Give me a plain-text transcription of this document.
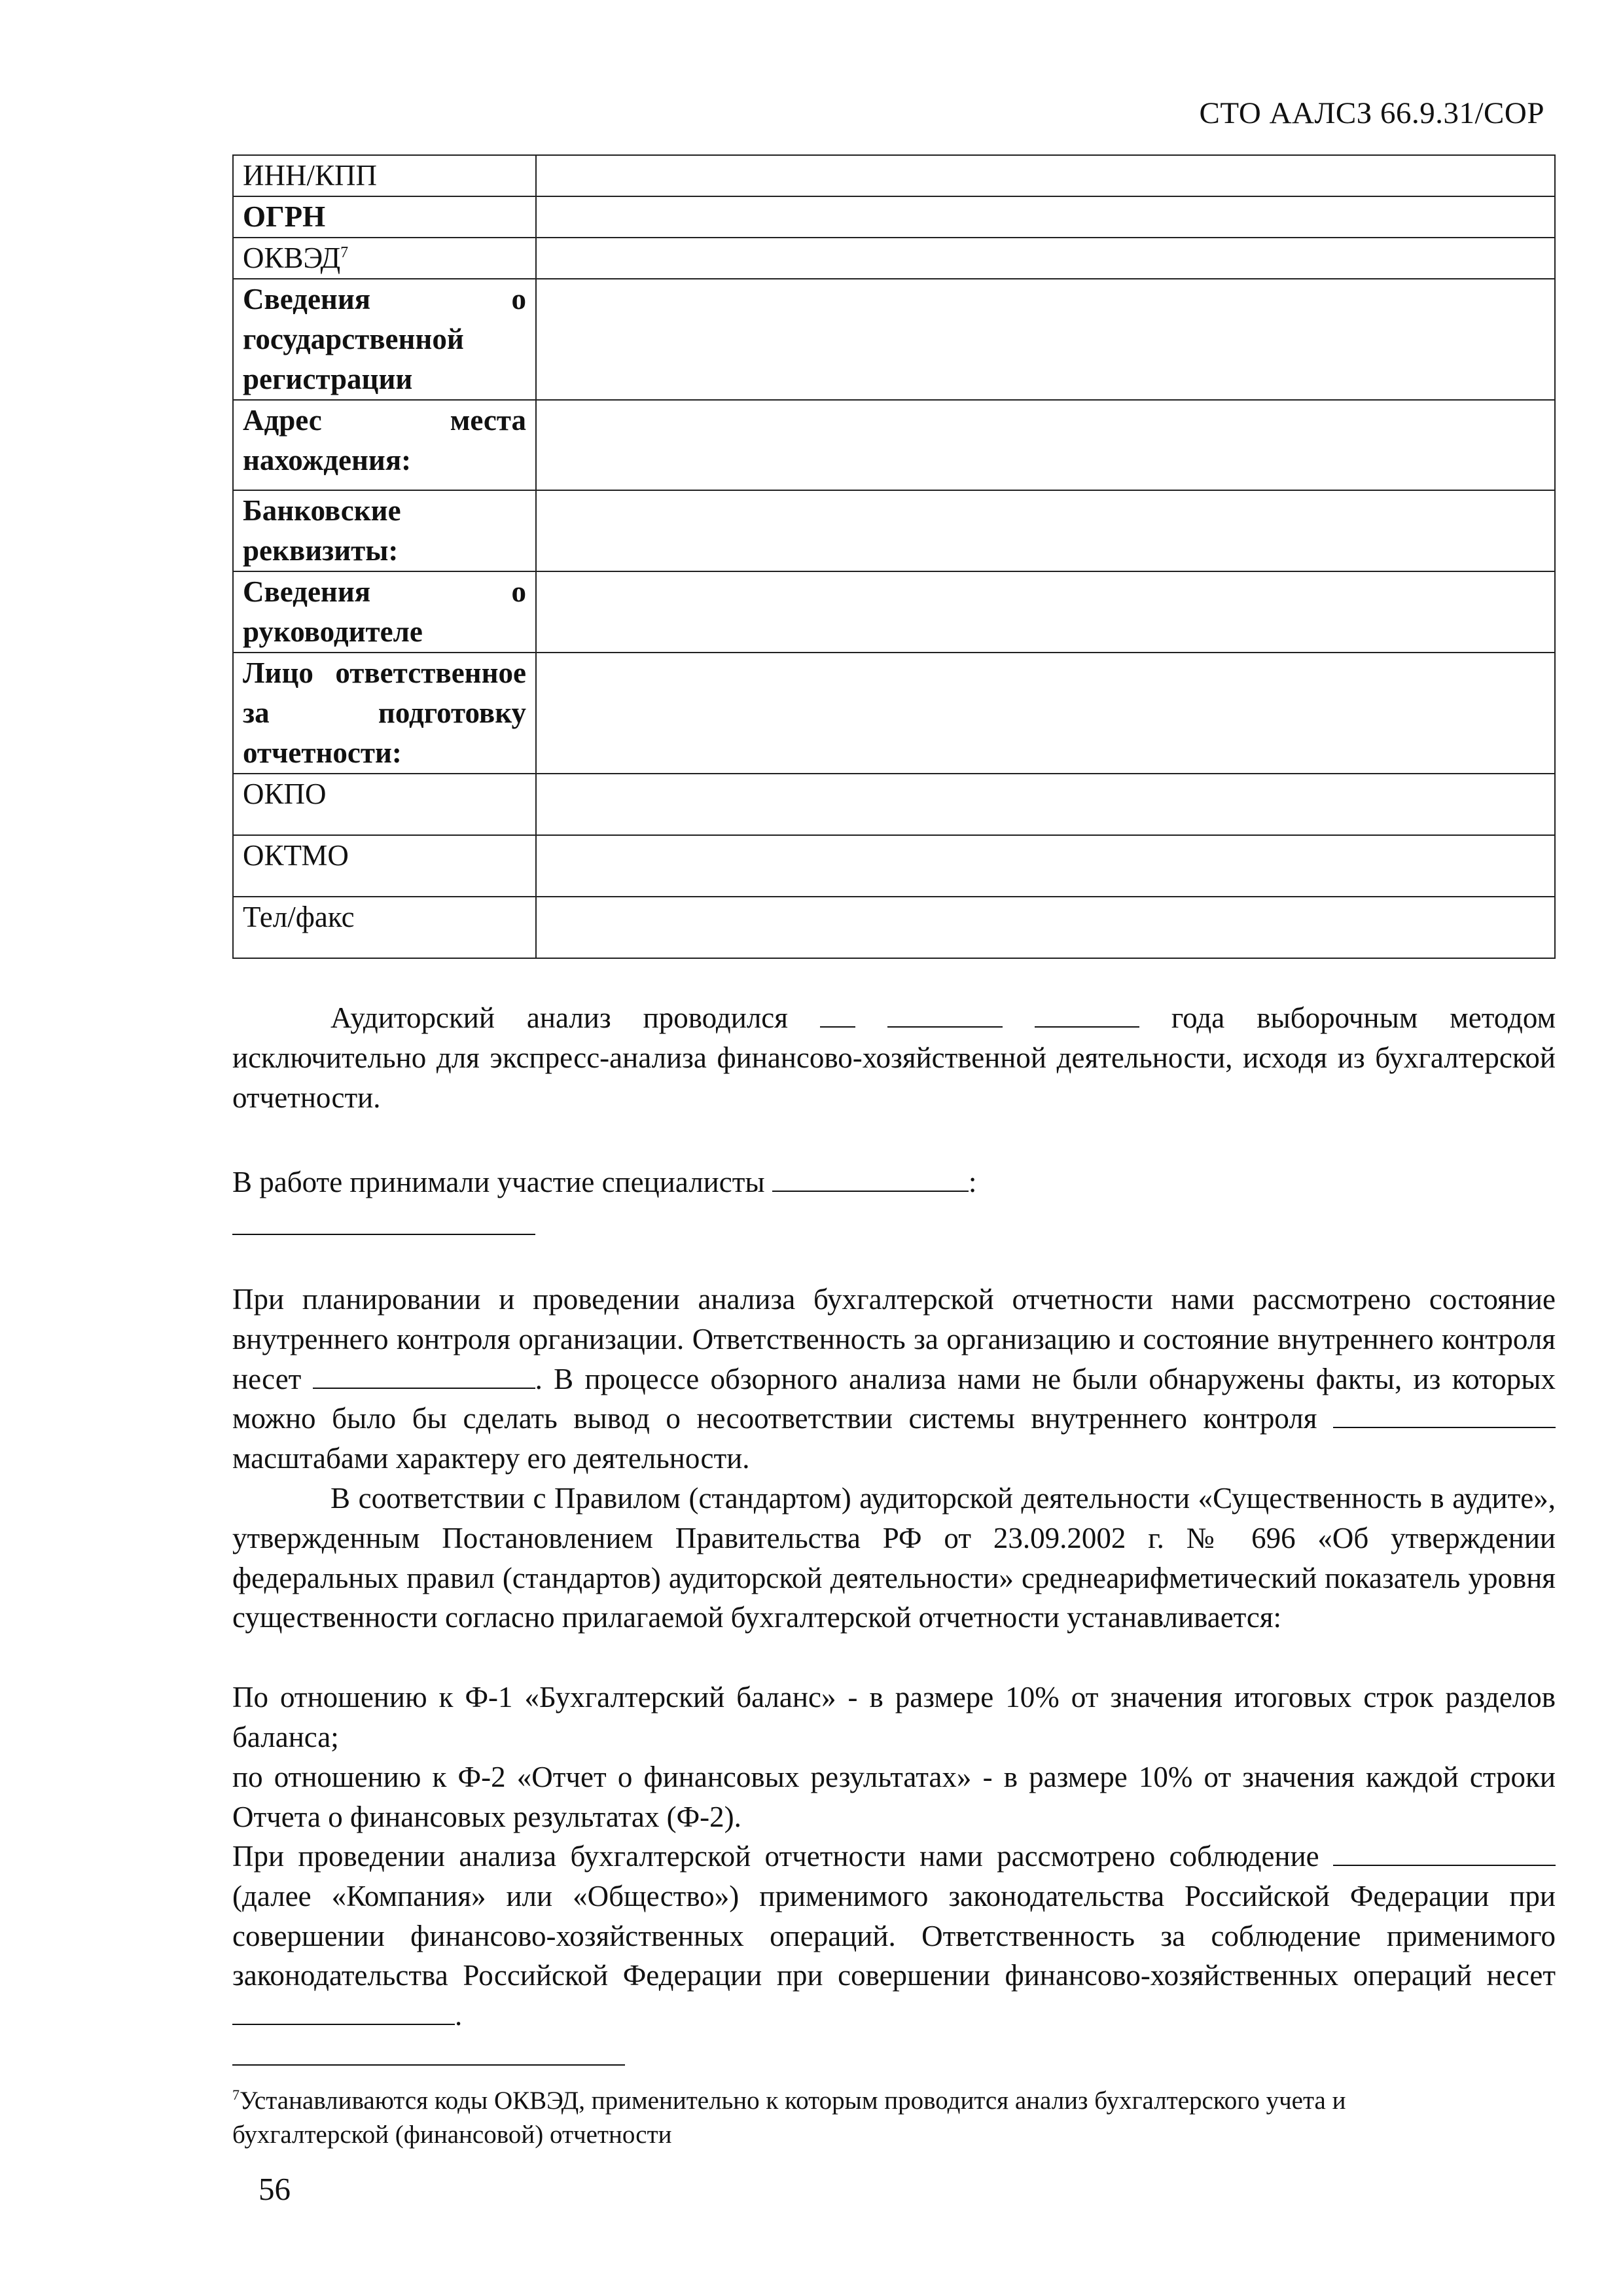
СТО ААЛСЗ 66.9.31/СОР
ИНН/КПП	
ОГРН	
ОКВЭД$^7$	
Сведения о государственной регистрации	
Адрес места нахождения:	
Банковские реквизиты:	
Сведения о руководителе	
Лицо ответственное за подготовку отчетности:	
ОКПО	
ОКТМО	
Тел/факс	

Аудиторский анализ проводился	года выборочным методом исключительно для экспресс-анализа финансово-хозяйственной деятельности, исходя из бухгалтерской отчетности.

В работе принимали участие специалисты	:

При планировании и проведении анализа бухгалтерской отчетности нами рассмотрено состояние внутреннего контроля организации. Ответственность за организацию и состояние внутреннего контроля несет	. В процессе обзорного анализа нами не были обнаружены факты, из которых можно было бы сделать вывод о несоответствии системы внутреннего контроля  масштабами характеру его деятельности.

В соответствии с Правилом (стандартом) аудиторской деятельности «Существенность в аудите», утвержденным Постановлением Правительства РФ от 23.09.2002 г. № 696 «Об утверждении федеральных правил (стандартов) аудиторской деятельности» среднеарифметический показатель уровня существенности согласно прилагаемой бухгалтерской отчетности устанавливается:

По отношению к Ф-1 «Бухгалтерский баланс» - в размере 10% от значения итоговых строк разделов баланса;

по отношению к Ф-2 «Отчет о финансовых результатах» - в размере 10% от значения каждой строки Отчета о финансовых результатах (Ф-2).

При проведении анализа бухгалтерской отчетности нами рассмотрено соблюдение  (далее «Компания» или «Общество») применимого законодательства Российской Федерации при совершении финансово-хозяйственных операций. Ответственность за соблюдение применимого законодательства Российской Федерации при совершении финансово-хозяйственных операций несет .

$^7$Устанавливаются коды ОКВЭД, применительно к которым проводится анализ бухгалтерского учета и бухгалтерской (финансовой) отчетности
56
